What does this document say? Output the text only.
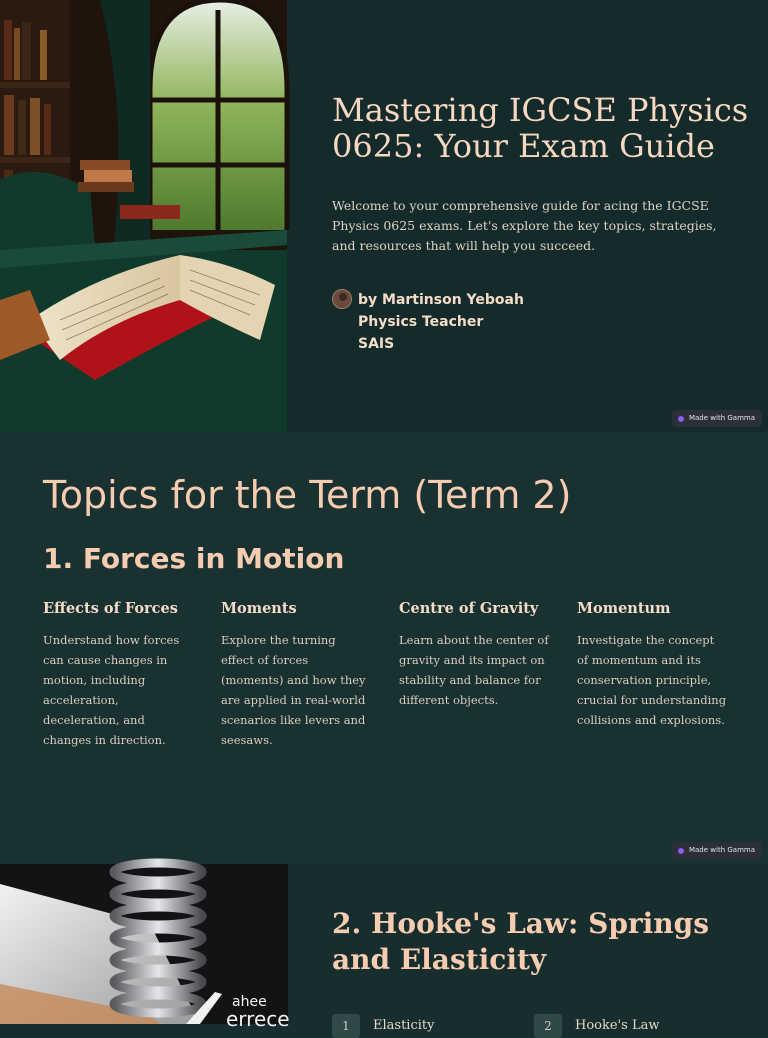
Mastering IGCSE Physics 0625: Your Exam Guide

Welcome to your comprehensive guide for acing the IGCSE Physics 0625 exams. Let's explore the key topics, strategies, and resources that will help you succeed.

by Martinson Yeboah
Physics Teacher
SAIS
Made with Gamma
Topics for the Term (Term 2)
1. Forces in Motion
Effects of Forces
Understand how forces can cause changes in motion, including acceleration, deceleration, and changes in direction.
Moments
Explore the turning effect of forces (moments) and how they are applied in real-world scenarios like levers and seesaws.
Centre of Gravity
Learn about the center of gravity and its impact on stability and balance for different objects.
Momentum
Investigate the concept of momentum and its conservation principle, crucial for understanding collisions and explosions.
Made with Gamma
ahee
errece
2. Hooke's Law: Springs and Elasticity
1	Elasticity	2	Hooke's Law
